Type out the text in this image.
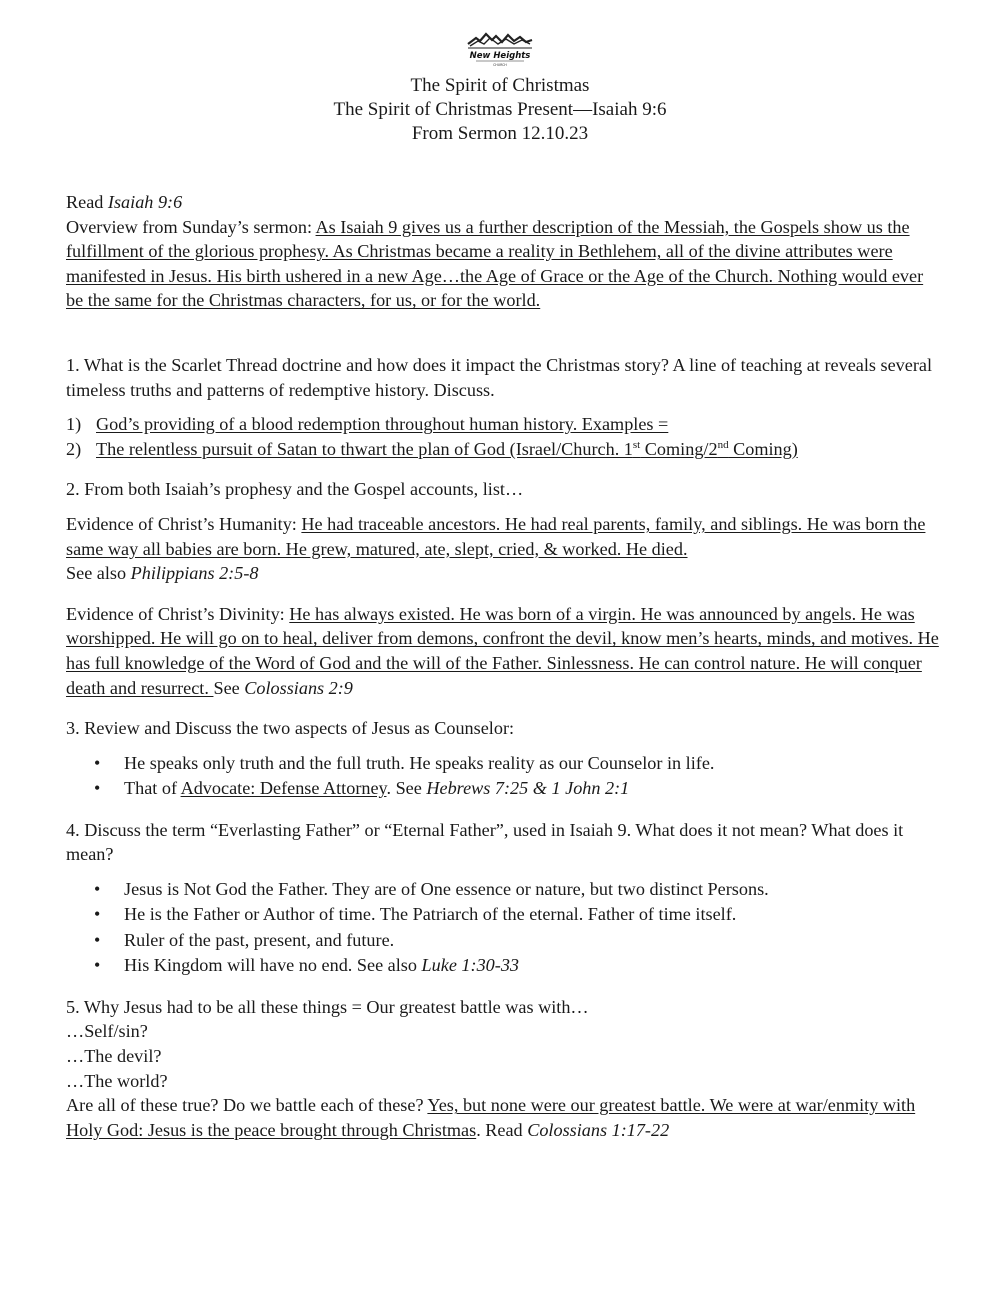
New Heights
CHURCH
The Spirit of Christmas
The Spirit of Christmas Present—Isaiah 9:6
From Sermon 12.10.23

Read Isaiah 9:6

Overview from Sunday’s sermon: As Isaiah 9 gives us a further description of the Messiah, the Gospels show us the fulfillment of the glorious prophesy. As Christmas became a reality in Bethlehem, all of the divine attributes were manifested in Jesus. His birth ushered in a new Age…the Age of Grace or the Age of the Church. Nothing would ever be the same for the Christmas characters, for us, or for the world.

1. What is the Scarlet Thread doctrine and how does it impact the Christmas story? A line of teaching at reveals several timeless truths and patterns of redemptive history. Discuss.

1) God’s providing of a blood redemption throughout human history. Examples =
2) The relentless pursuit of Satan to thwart the plan of God (Israel/Church. 1st Coming/2nd Coming)

2. From both Isaiah’s prophesy and the Gospel accounts, list…

Evidence of Christ’s Humanity: He had traceable ancestors. He had real parents, family, and siblings. He was born the same way all babies are born. He grew, matured, ate, slept, cried, & worked. He died.

See also Philippians 2:5-8

Evidence of Christ’s Divinity: He has always existed. He was born of a virgin. He was announced by angels. He was worshipped. He will go on to heal, deliver from demons, confront the devil, know men’s hearts, minds, and motives. He has full knowledge of the Word of God and the will of the Father. Sinlessness. He can control nature. He will conquer death and resurrect. See Colossians 2:9

3. Review and Discuss the two aspects of Jesus as Counselor:

• He speaks only truth and the full truth. He speaks reality as our Counselor in life.
• That of Advocate: Defense Attorney. See Hebrews 7:25 & 1 John 2:1

4. Discuss the term “Everlasting Father” or “Eternal Father”, used in Isaiah 9. What does it not mean? What does it mean?

• Jesus is Not God the Father. They are of One essence or nature, but two distinct Persons.
• He is the Father or Author of time. The Patriarch of the eternal. Father of time itself.
• Ruler of the past, present, and future.
• His Kingdom will have no end. See also Luke 1:30-33

5. Why Jesus had to be all these things = Our greatest battle was with…

…Self/sin?

…The devil?

…The world?

Are all of these true? Do we battle each of these? Yes, but none were our greatest battle. We were at war/enmity with Holy God: Jesus is the peace brought through Christmas. Read Colossians 1:17-22
